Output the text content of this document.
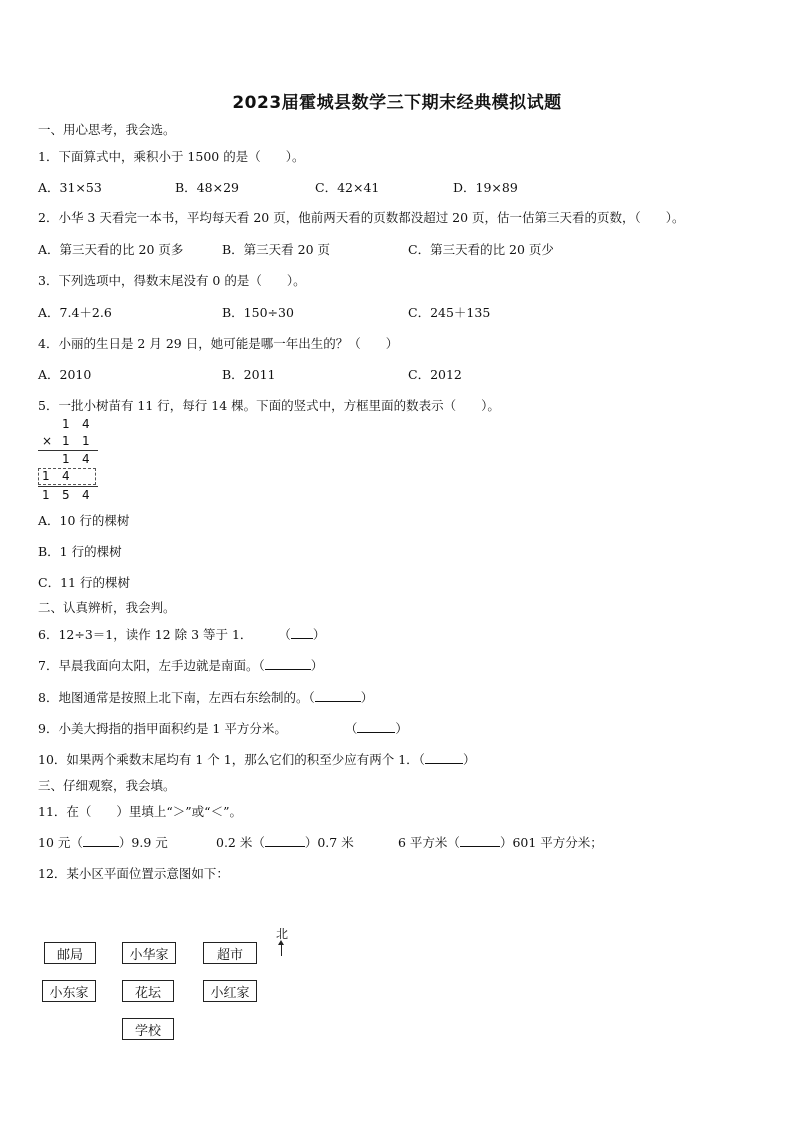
2023届霍城县数学三下期末经典模拟试题
一、用心思考，我会选。
1．下面算式中，乘积小于 1500 的是（　　）。
A．31×53	B．48×29	C．42×41	D．19×89
2．小华 3 天看完一本书，平均每天看 20 页，他前两天看的页数都没超过 20 页，估一估第三天看的页数，（　　）。
A．第三天看的比 20 页多	B．第三天看 20 页	C．第三天看的比 20 页少
3．下列选项中，得数末尾没有 0 的是（　　）。
A．7.4＋2.6	B．150÷30	C．245＋135
4．小丽的生日是 2 月 29 日，她可能是哪一年出生的？（　　）
A．2010	B．2011	C．2012
5．一批小树苗有 11 行，每行 14 棵。下面的竖式中，方框里面的数表示（　　）。
1 4
× 1 1
1 4
1 4
1 5 4
A．10 行的棵树
B．1 行的棵树
C．11 行的棵树
二、认真辨析，我会判。
6．12÷3＝1，读作 12 除 3 等于 1． （ ）
7．早晨我面向太阳，左手边就是南面。（	）
8．地图通常是按照上北下南，左西右东绘制的。（	）
9．小美大拇指的指甲面积约是 1 平方分米。	（	）
10．如果两个乘数末尾均有 1 个 1，那么它们的积至少应有两个 1．（	）
三、仔细观察，我会填。
11．在（　　）里填上“＞”或“＜”。
10 元（	）9.9 元	0.2 米（	）0.7 米	6 平方米（	）601 平方分米；
12．某小区平面位置示意图如下：
北
邮局	小华家	超市
小东家	花坛	小红家
学校
